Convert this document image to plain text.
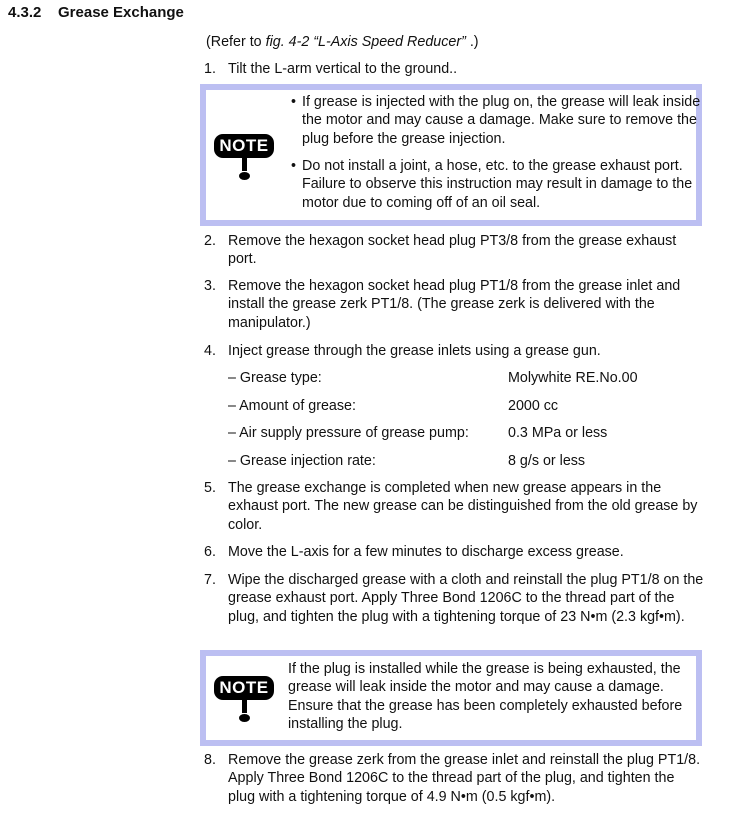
4.3.2 Grease Exchange
(Refer to fig. 4-2 “L-Axis Speed Reducer” .)
1. Tilt the L-arm vertical to the ground..
NOTE
• If grease is injected with the plug on, the grease will leak inside the motor and may cause a damage. Make sure to remove the plug before the grease injection.
• Do not install a joint, a hose, etc. to the grease exhaust port. Failure to observe this instruction may result in damage to the motor due to coming off of an oil seal.
2. Remove the hexagon socket head plug PT3/8 from the grease exhaust port.
3. Remove the hexagon socket head plug PT1/8 from the grease inlet and install the grease zerk PT1/8. (The grease zerk is delivered with the manipulator.)
4. Inject grease through the grease inlets using a grease gun.
– Grease type:	Molywhite RE.No.00
– Amount of grease:	2000 cc
– Air supply pressure of grease pump:	0.3 MPa or less
– Grease injection rate:	8 g/s or less
5. The grease exchange is completed when new grease appears in the exhaust port. The new grease can be distinguished from the old grease by color.
6. Move the L-axis for a few minutes to discharge excess grease.
7. Wipe the discharged grease with a cloth and reinstall the plug PT1/8 on the grease exhaust port. Apply Three Bond 1206C to the thread part of the plug, and tighten the plug with a tightening torque of 23 N•m (2.3 kgf•m).
NOTE
If the plug is installed while the grease is being exhausted, the grease will leak inside the motor and may cause a damage. Ensure that the grease has been completely exhausted before installing the plug.
8. Remove the grease zerk from the grease inlet and reinstall the plug PT1/8. Apply Three Bond 1206C to the thread part of the plug, and tighten the plug with a tightening torque of 4.9 N•m (0.5 kgf•m).
